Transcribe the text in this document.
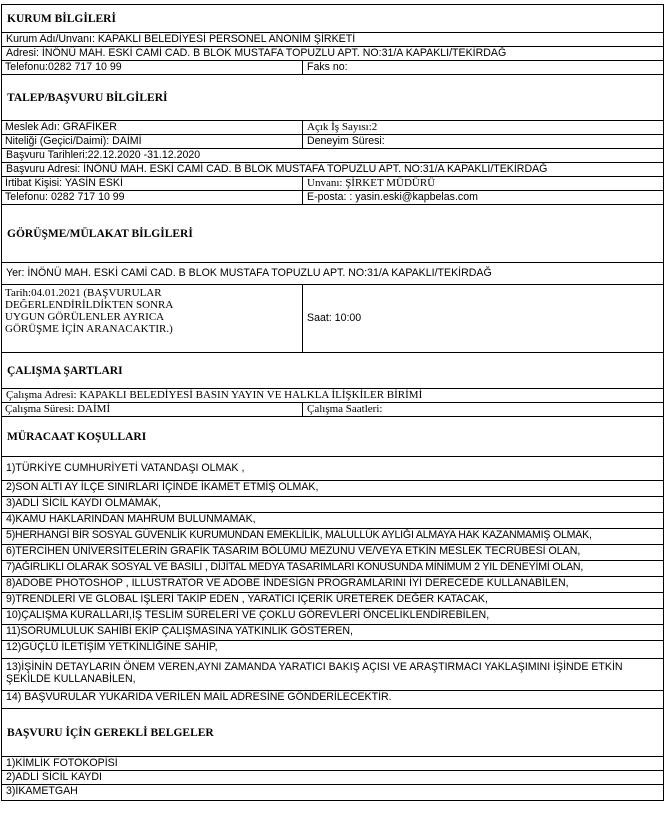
KURUM BİLGİLERİ
Kurum Adı/Unvanı: KAPAKLI BELEDİYESİ PERSONEL ANONİM ŞİRKETİ
Adresi: İNÖNÜ MAH. ESKİ CAMİ CAD. B BLOK MUSTAFA TOPUZLU APT. NO:31/A KAPAKLI/TEKİRDAĞ
Telefonu:0282 717 10 99	Faks no:
TALEP/BAŞVURU BİLGİLERİ
Meslek Adı: GRAFİKER	Açık İş Sayısı:2
Niteliği (Geçici/Daimi): DAİMİ	Deneyim Süresi:
Başvuru Tarihleri:22.12.2020 -31.12.2020
Başvuru Adresi: İNÖNÜ MAH. ESKİ CAMİ CAD. B BLOK MUSTAFA TOPUZLU APT. NO:31/A KAPAKLI/TEKİRDAĞ
İrtibat Kişisi: YASİN ESKİ	Unvanı: ŞİRKET MÜDÜRÜ
Telefonu: 0282 717 10 99	E-posta: : yasin.eski@kapbelas.com
GÖRÜŞME/MÜLAKAT BİLGİLERİ
Yer: İNÖNÜ MAH. ESKİ CAMİ CAD. B BLOK MUSTAFA TOPUZLU APT. NO:31/A KAPAKLI/TEKİRDAĞ
Tarih:04.01.2021 (BAŞVURULAR DEĞERLENDİRİLDİKTEN SONRA UYGUN GÖRÜLENLER AYRICA GÖRÜŞME İÇİN ARANACAKTIR.)
Saat: 10:00
ÇALIŞMA ŞARTLARI
Çalışma Adresi: KAPAKLI BELEDİYESİ BASIN YAYIN VE HALKLA İLİŞKİLER BİRİMİ
Çalışma Süresi: DAİMİ	Çalışma Saatleri:
MÜRACAAT KOŞULLARI
1)TÜRKİYE CUMHURİYETİ VATANDAŞI OLMAK ,
2)SON ALTI AY İLÇE SINIRLARI İÇİNDE İKAMET ETMİŞ OLMAK,
3)ADLİ SİCİL KAYDI OLMAMAK,
4)KAMU HAKLARINDAN MAHRUM BULUNMAMAK,
5)HERHANGİ BİR SOSYAL GÜVENLİK KURUMUNDAN EMEKLİLİK, MALULLÜK AYLIĞI ALMAYA HAK KAZANMAMIŞ OLMAK,
6)TERCİHEN ÜNİVERSİTELERİN GRAFİK TASARIM BÖLÜMÜ MEZUNU VE/VEYA ETKİN MESLEK TECRÜBESİ OLAN,
7)AĞIRLIKLI OLARAK SOSYAL VE BASILI , DİJİTAL MEDYA TASARIMLARI KONUSUNDA MİNİMUM 2 YIL DENEYİMİ OLAN,
8)ADOBE PHOTOSHOP , ILLUSTRATOR VE ADOBE İNDESİGN PROGRAMLARINI İYİ DERECEDE KULLANABİLEN,
9)TRENDLERİ VE GLOBAL İŞLERİ TAKİP EDEN , YARATICI İÇERİK ÜRETEREK DEĞER KATACAK,
10)ÇALIŞMA KURALLARI,İŞ TESLİM SÜRELERİ VE ÇOKLU GÖREVLERİ ÖNCELİKLENDİREBİLEN,
11)SORUMLULUK SAHİBİ EKİP ÇALIŞMASINA YATKINLIK GÖSTEREN,
12)GÜÇLÜ İLETİŞİM YETKİNLİĞİNE SAHİP,
13)İŞİNİN DETAYLARIN ÖNEM VEREN,AYNI ZAMANDA YARATICI BAKIŞ AÇISI VE ARAŞTIRMACI YAKLAŞIMINI İŞİNDE ETKİN ŞEKİLDE KULLANABİLEN,
14) BAŞVURULAR YUKARIDA VERİLEN MAİL ADRESİNE GÖNDERİLECEKTİR.
BAŞVURU İÇİN GEREKLİ BELGELER
1)KİMLİK FOTOKOPİSİ
2)ADLİ SİCİL KAYDI
3)İKAMETGAH
